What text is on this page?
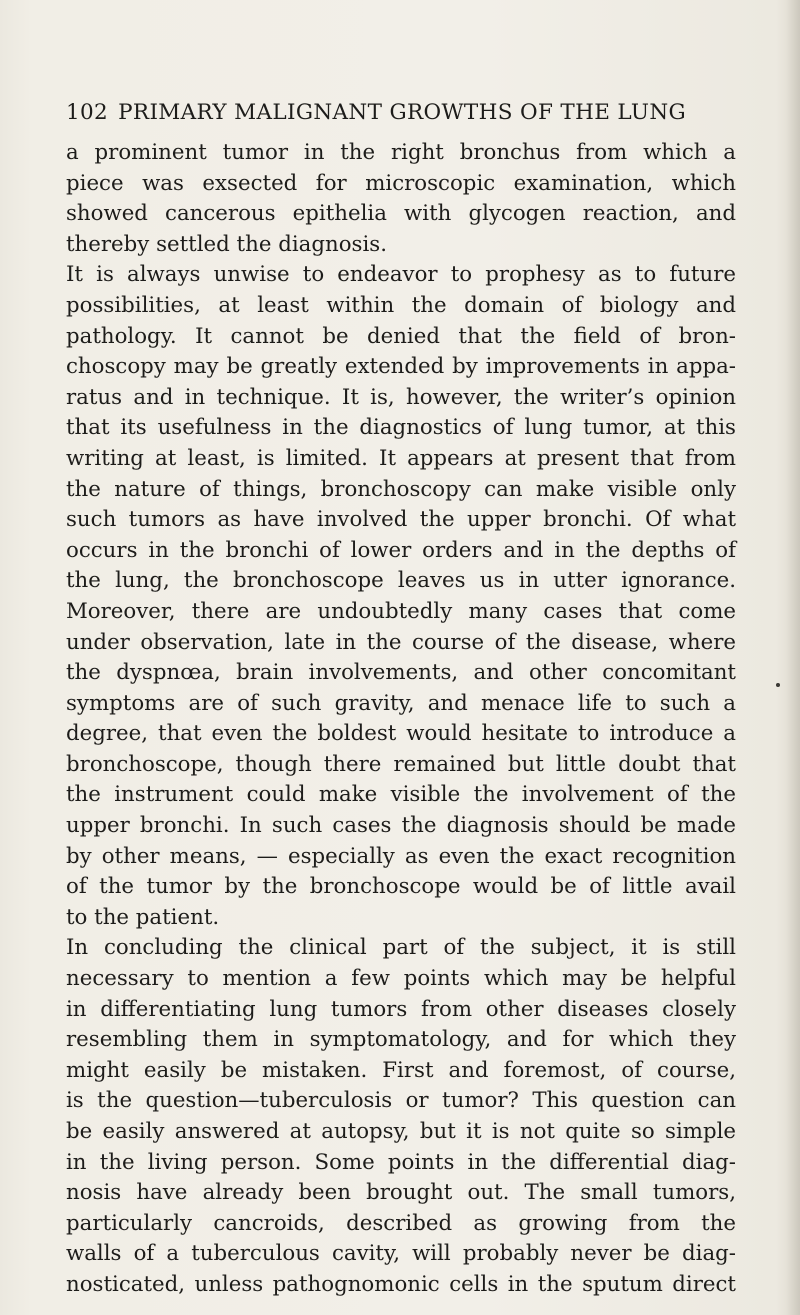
102 PRIMARY MALIGNANT GROWTHS OF THE LUNG
a prominent tumor in the right bronchus from which a
piece was exsected for microscopic examination, which
showed cancerous epithelia with glycogen reaction, and
thereby settled the diagnosis.
It is always unwise to endeavor to prophesy as to future
possibilities, at least within the domain of biology and
pathology. It cannot be denied that the field of bron-
choscopy may be greatly extended by improvements in appa-
ratus and in technique. It is, however, the writer’s opinion
that its usefulness in the diagnostics of lung tumor, at this
writing at least, is limited. It appears at present that from
the nature of things, bronchoscopy can make visible only
such tumors as have involved the upper bronchi. Of what
occurs in the bronchi of lower orders and in the depths of
the lung, the bronchoscope leaves us in utter ignorance.
Moreover, there are undoubtedly many cases that come
under observation, late in the course of the disease, where
the dyspnœa, brain involvements, and other concomitant
symptoms are of such gravity, and menace life to such a
degree, that even the boldest would hesitate to introduce a
bronchoscope, though there remained but little doubt that
the instrument could make visible the involvement of the
upper bronchi. In such cases the diagnosis should be made
by other means, — especially as even the exact recognition
of the tumor by the bronchoscope would be of little avail
to the patient.
In concluding the clinical part of the subject, it is still
necessary to mention a few points which may be helpful
in differentiating lung tumors from other diseases closely
resembling them in symptomatology, and for which they
might easily be mistaken. First and foremost, of course,
is the question—tuberculosis or tumor? This question can
be easily answered at autopsy, but it is not quite so simple
in the living person. Some points in the differential diag-
nosis have already been brought out. The small tumors,
particularly cancroids, described as growing from the
walls of a tuberculous cavity, will probably never be diag-
nosticated, unless pathognomonic cells in the sputum direct
